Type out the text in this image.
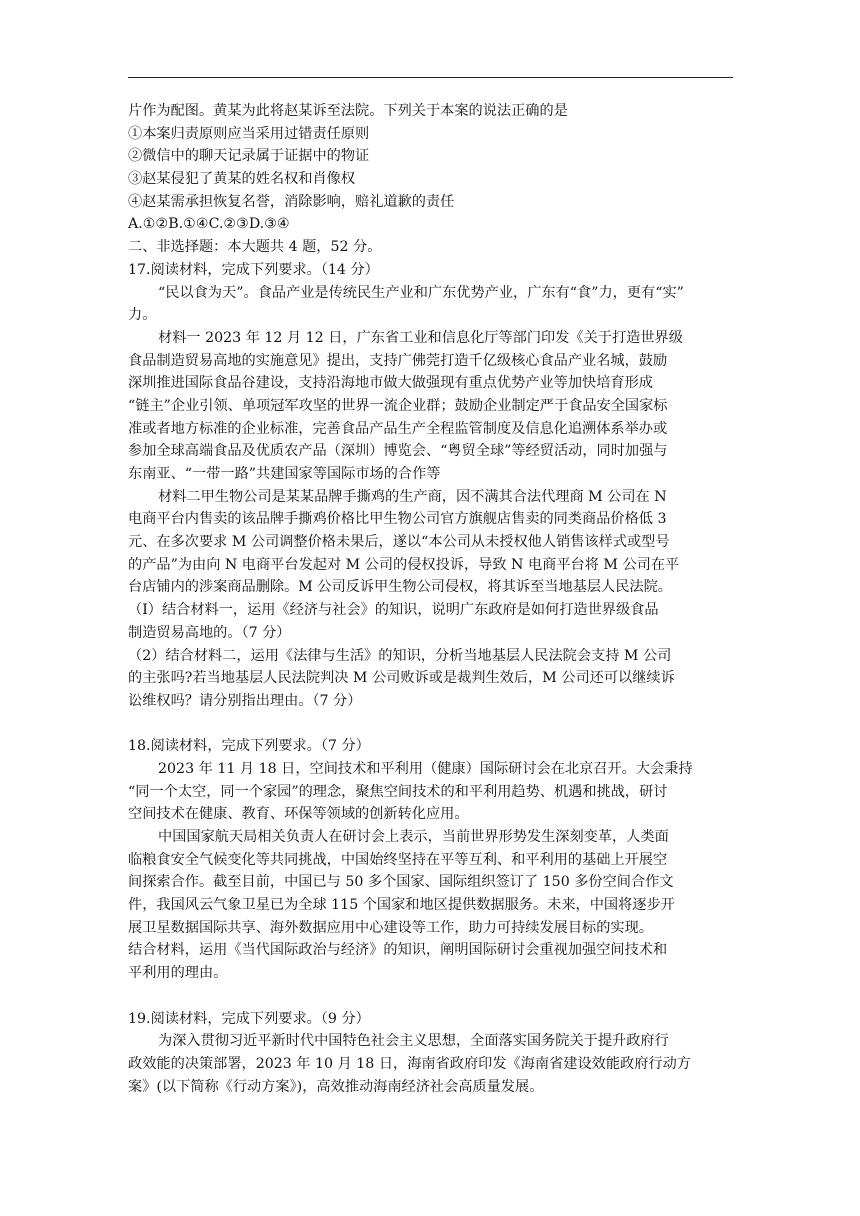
片作为配图。黄某为此将赵某诉至法院。下列关于本案的说法正确的是
①本案归责原则应当采用过错责任原则
②微信中的聊天记录属于证据中的物证
③赵某侵犯了黄某的姓名权和肖像权
④赵某需承担恢复名誉，消除影响，赔礼道歉的责任
A.①②B.①④C.②③D.③④
二、非选择题：本大题共 4 题，52 分。
17.阅读材料，完成下列要求。（14 分）
“民以食为天”。食品产业是传统民生产业和广东优势产业，广东有“食”力，更有“实”
力。
材料一 2023 年 12 月 12 日，广东省工业和信息化厅等部门印发《关于打造世界级
食品制造贸易高地的实施意见》提出，支持广佛莞打造千亿级核心食品产业名城，鼓励
深圳推进国际食品谷建设，支持沿海地市做大做强现有重点优势产业等加快培育形成
“链主”企业引领、单项冠军攻坚的世界一流企业群；鼓励企业制定严于食品安全国家标
准或者地方标准的企业标准，完善食品产品生产全程监管制度及信息化追溯体系举办或
参加全球高端食品及优质农产品（深圳）博览会、“粤贸全球”等经贸活动，同时加强与
东南亚、“一带一路”共建国家等国际市场的合作等
材料二甲生物公司是某某品牌手撕鸡的生产商，因不满其合法代理商 M 公司在 N
电商平台内售卖的该品牌手撕鸡价格比甲生物公司官方旗舰店售卖的同类商品价格低 3
元、在多次要求 M 公司调整价格未果后，遂以“本公司从未授权他人销售该样式或型号
的产品”为由向 N 电商平台发起对 M 公司的侵权投诉，导致 N 电商平台将 M 公司在平
台店铺内的涉案商品删除。M 公司反诉甲生物公司侵权，将其诉至当地基层人民法院。
（I）结合材料一，运用《经济与社会》的知识，说明广东政府是如何打造世界级食品
制造贸易高地的。（7 分）
（2）结合材料二，运用《法律与生活》的知识，分析当地基层人民法院会支持 M 公司
的主张吗?若当地基层人民法院判决 M 公司败诉或是裁判生效后，M 公司还可以继续诉
讼维权吗？请分别指出理由。（7 分）
18.阅读材料，完成下列要求。（7 分）
2023 年 11 月 18 日，空间技术和平利用（健康）国际研讨会在北京召开。大会秉持
“同一个太空，同一个家园”的理念，聚焦空间技术的和平利用趋势、机遇和挑战，研讨
空间技术在健康、教育、环保等领域的创新转化应用。
中国国家航天局相关负责人在研讨会上表示，当前世界形势发生深刻变革，人类面
临粮食安全气候变化等共同挑战，中国始终坚持在平等互利、和平利用的基础上开展空
间探索合作。截至目前，中国已与 50 多个国家、国际组织签订了 150 多份空间合作文
件，我国风云气象卫星已为全球 115 个国家和地区提供数据服务。未来，中国将逐步开
展卫星数据国际共享、海外数据应用中心建设等工作，助力可持续发展目标的实现。
结合材料，运用《当代国际政治与经济》的知识，阐明国际研讨会重视加强空间技术和
平利用的理由。
19.阅读材料，完成下列要求。（9 分）
为深入贯彻习近平新时代中国特色社会主义思想，全面落实国务院关于提升政府行
政效能的决策部署，2023 年 10 月 18 日，海南省政府印发《海南省建设效能政府行动方
案》(以下简称《行动方案》)，高效推动海南经济社会高质量发展。
